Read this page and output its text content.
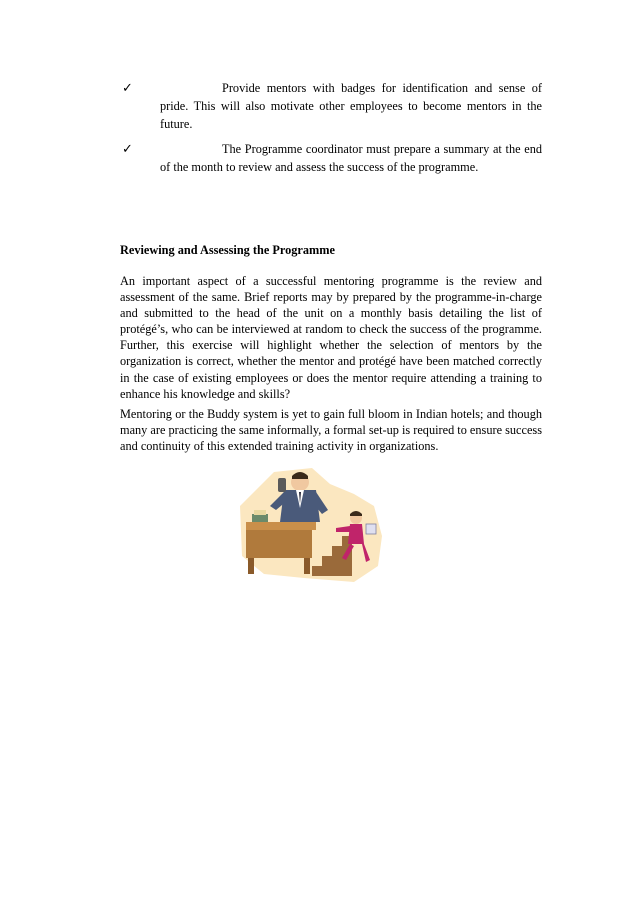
✓	Provide mentors with badges for identification and sense of pride. This will also motivate other employees to become mentors in the future.

✓	The Programme coordinator must prepare a summary at the end of the month to review and assess the success of the programme.

Reviewing and Assessing the Programme

An important aspect of a successful mentoring programme is the review and assessment of the same. Brief reports may by prepared by the programme-in-charge and submitted to the head of the unit on a monthly basis detailing the list of protégé’s, who can be interviewed at random to check the success of the programme. Further, this exercise will highlight whether the selection of mentors by the organization is correct, whether the mentor and protégé have been matched correctly in the case of existing employees or does the mentor require attending a training to enhance his knowledge and skills?

Mentoring or the Buddy system is yet to gain full bloom in Indian hotels; and though many are practicing the same informally, a formal set-up is required to ensure success and continuity of this extended training activity in organizations.
